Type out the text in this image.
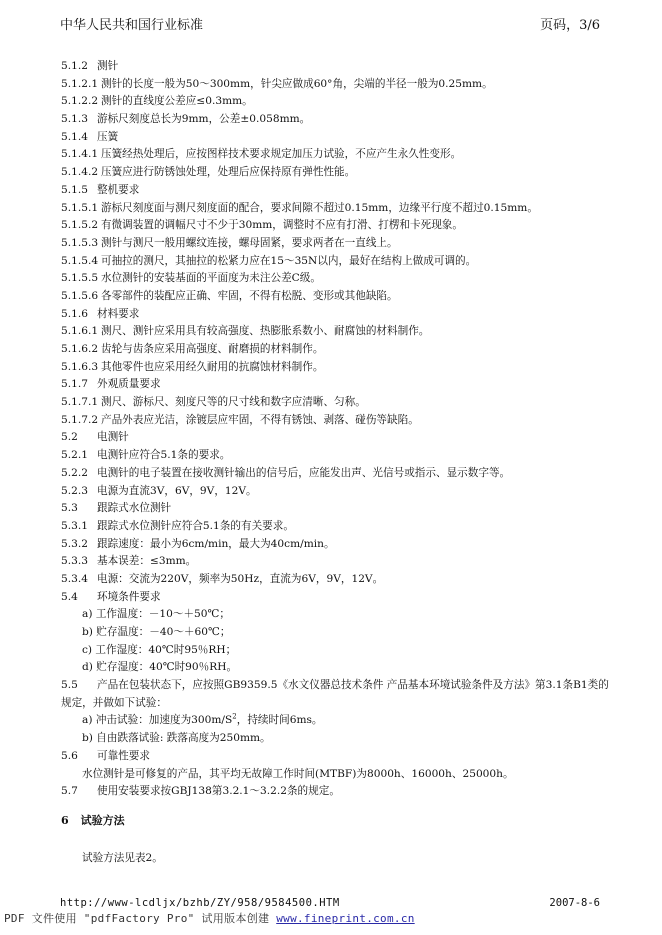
中华人民共和国行业标准	页码，3/6
5.1.2 测针
5.1.2.1 测针的长度一般为50～300mm，针尖应做成60°角，尖端的半径一般为0.25mm。
5.1.2.2 测针的直线度公差应≤0.3mm。
5.1.3 游标尺刻度总长为9mm，公差±0.058mm。
5.1.4 压簧
5.1.4.1 压簧经热处理后，应按图样技术要求规定加压力试验，不应产生永久性变形。
5.1.4.2 压簧应进行防锈蚀处理，处理后应保持原有弹性性能。
5.1.5 整机要求
5.1.5.1 游标尺刻度面与测尺刻度面的配合，要求间隙不超过0.15mm，边缘平行度不超过0.15mm。
5.1.5.2 有微调装置的调幅尺寸不少于30mm，调整时不应有打滑、打楞和卡死现象。
5.1.5.3 测针与测尺一般用螺纹连接，螺母固紧，要求两者在一直线上。
5.1.5.4 可抽拉的测尺，其抽拉的松紧力应在15～35N以内，最好在结构上做成可调的。
5.1.5.5 水位测针的安装基面的平面度为未注公差C级。
5.1.5.6 各零部件的装配应正确、牢固，不得有松脱、变形或其他缺陷。
5.1.6 材料要求
5.1.6.1 测尺、测针应采用具有较高强度、热膨胀系数小、耐腐蚀的材料制作。
5.1.6.2 齿轮与齿条应采用高强度、耐磨损的材料制作。
5.1.6.3 其他零件也应采用经久耐用的抗腐蚀材料制作。
5.1.7 外观质量要求
5.1.7.1 测尺、游标尺、刻度尺等的尺寸线和数字应清晰、匀称。
5.1.7.2 产品外表应光洁，涂镀层应牢固，不得有锈蚀、剥落、碰伤等缺陷。
5.2 电测针
5.2.1 电测针应符合5.1条的要求。
5.2.2 电测针的电子装置在接收测针输出的信号后，应能发出声、光信号或指示、显示数字等。
5.2.3 电源为直流3V，6V，9V，12V。
5.3 跟踪式水位测针
5.3.1 跟踪式水位测针应符合5.1条的有关要求。
5.3.2 跟踪速度：最小为6cm/min，最大为40cm/min。
5.3.3 基本误差：≤3mm。
5.3.4 电源：交流为220V，频率为50Hz，直流为6V，9V，12V。
5.4 环境条件要求
a) 工作温度：－10～＋50℃；
b) 贮存温度：－40～＋60℃；
c) 工作湿度：40℃时95％RH；
d) 贮存湿度：40℃时90％RH。
5.5 产品在包装状态下，应按照GB9359.5《水文仪器总技术条件 产品基本环境试验条件及方法》第3.1条B1类的规定，并做如下试验：
a) 冲击试验：加速度为$300m/S^2$，持续时间6ms。
b) 自由跌落试验: 跌落高度为250mm。
5.6 可靠性要求
水位测针是可修复的产品，其平均无故障工作时间(MTBF)为8000h、16000h、25000h。
5.7 使用安装要求按GBJ138第3.2.1～3.2.2条的规定。
6 试验方法
试验方法见表2。
http://www-lcdljx/bzhb/ZY/958/9584500.HTM	2007-8-6
PDF 文件使用 "pdfFactory Pro" 试用版本创建 www.fineprint.com.cn
